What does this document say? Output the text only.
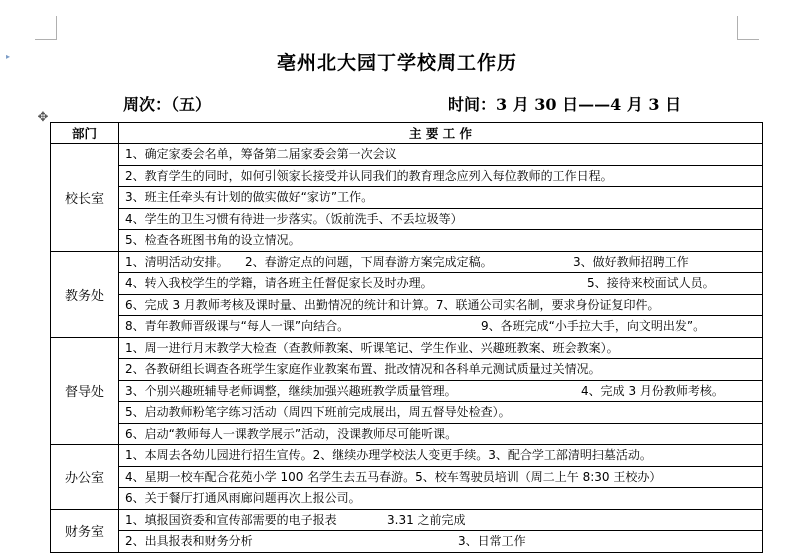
▸	亳州北大园丁学校周工作历
周次：（五）	时间：3 月 30 日——4 月 3 日
✥
部门	主 要 工 作
校长室	1、确定家委会名单，筹备第二届家委会第一次会议

	2、教育学生的同时，如何引领家长接受并认同我们的教育理念应列入每位教师的工作日程。

	3、班主任牵头有计划的做实做好“家访”工作。

	4、学生的卫生习惯有待进一步落实。（饭前洗手、不丢垃圾等）

	5、检查各班图书角的设立情况。

教务处	1、清明活动安排。 2、春游定点的问题，下周春游方案完成定稿。 3、做好教师招聘工作

	4、转入我校学生的学籍，请各班主任督促家长及时办理。 5、接待来校面试人员。

	6、完成 3 月教师考核及课时量、出勤情况的统计和计算。7、联通公司实名制，要求身份证复印件。

	8、青年教师晋级课与“每人一课”向结合。 9、各班完成“小手拉大手，向文明出发”。

督导处	1、周一进行月末教学大检查（查教师教案、听课笔记、学生作业、兴趣班教案、班会教案）。

	2、各教研组长调查各班学生家庭作业教案布置、批改情况和各科单元测试质量过关情况。

	3、个别兴趣班辅导老师调整，继续加强兴趣班教学质量管理。 4、完成 3 月份教师考核。

	5、启动教师粉笔字练习活动（周四下班前完成展出，周五督导处检查）。

	6、启动“教师每人一课教学展示”活动，没课教师尽可能听课。

办公室	1、本周去各幼儿园进行招生宣传。2、继续办理学校法人变更手续。3、配合学工部清明扫墓活动。

	4、星期一校车配合花苑小学 100 名学生去五马春游。5、校车驾驶员培训（周二上午 8:30 王校办）

	6、关于餐厅打通风雨廊问题再次上报公司。

财务室	1、填报国资委和宣传部需要的电子报表 3.31 之前完成

	2、出具报表和财务分析 3、日常工作
